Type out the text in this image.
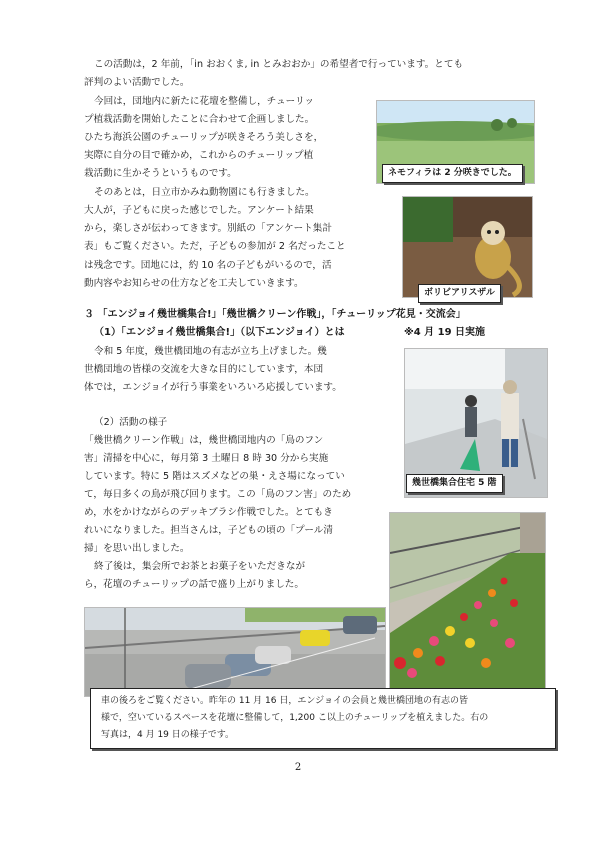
この活動は，2 年前，「in おおくま, in とみおおか」の希望者で行っています。とても
評判のよい活動でした。
今回は，団地内に新たに花壇を整備し，チューリッ
プ植栽活動を開始したことに合わせて企画しました。
ひたち海浜公園のチューリップが咲きそろう美しさを，
実際に自分の目で確かめ，これからのチューリップ植
栽活動に生かそうというものです。
そのあとは，日立市かみね動物園にも行きました。
大人が，子どもに戻った感じでした。アンケート結果
から，楽しさが伝わってきます。別紙の「アンケート集計
表」もご覧ください。ただ，子どもの参加が 2 名だったこと
は残念です。団地には，約 10 名の子どもがいるので，活
動内容やお知らせの仕方などを工夫していきます。
ネモフィラは 2 分咲きでした。
ボリビアリスザル
３ 「エンジョイ幾世橋集合!」「幾世橋クリーン作戦」，「チューリップ花見・交流会」
（1）「エンジョイ幾世橋集合!」（以下エンジョイ）とは	※4 月 19 日実施
令和 5 年度，幾世橋団地の有志が立ち上げました。幾
世橋団地の皆様の交流を大きな目的にしています，本団
体では，エンジョイが行う事業をいろいろ応援しています。
（2）活動の様子
「幾世橋クリーン作戦」は，幾世橋団地内の「鳥のフン
害」清掃を中心に，毎月第 3 土曜日 8 時 30 分から実施
しています。特に 5 階はスズメなどの巣・えさ場になってい
て，毎日多くの鳥が飛び回ります。この「鳥のフン害」のため
め，水をかけながらのデッキブラシ作戦でした。とてもき
れいになりました。担当さんは，子どもの頃の「プール清
掃」を思い出しました。
終了後は，集会所でお茶とお菓子をいただきなが
ら，花壇のチューリップの話で盛り上がりました。
幾世橋集合住宅 5 階
車の後ろをご覧ください。昨年の 11 月 16 日，エンジョイの会員と幾世橋団地の有志の皆
様で，空いているスペースを花壇に整備して，1,200 こ以上のチューリップを植えました。右の
写真は，4 月 19 日の様子です。
2
